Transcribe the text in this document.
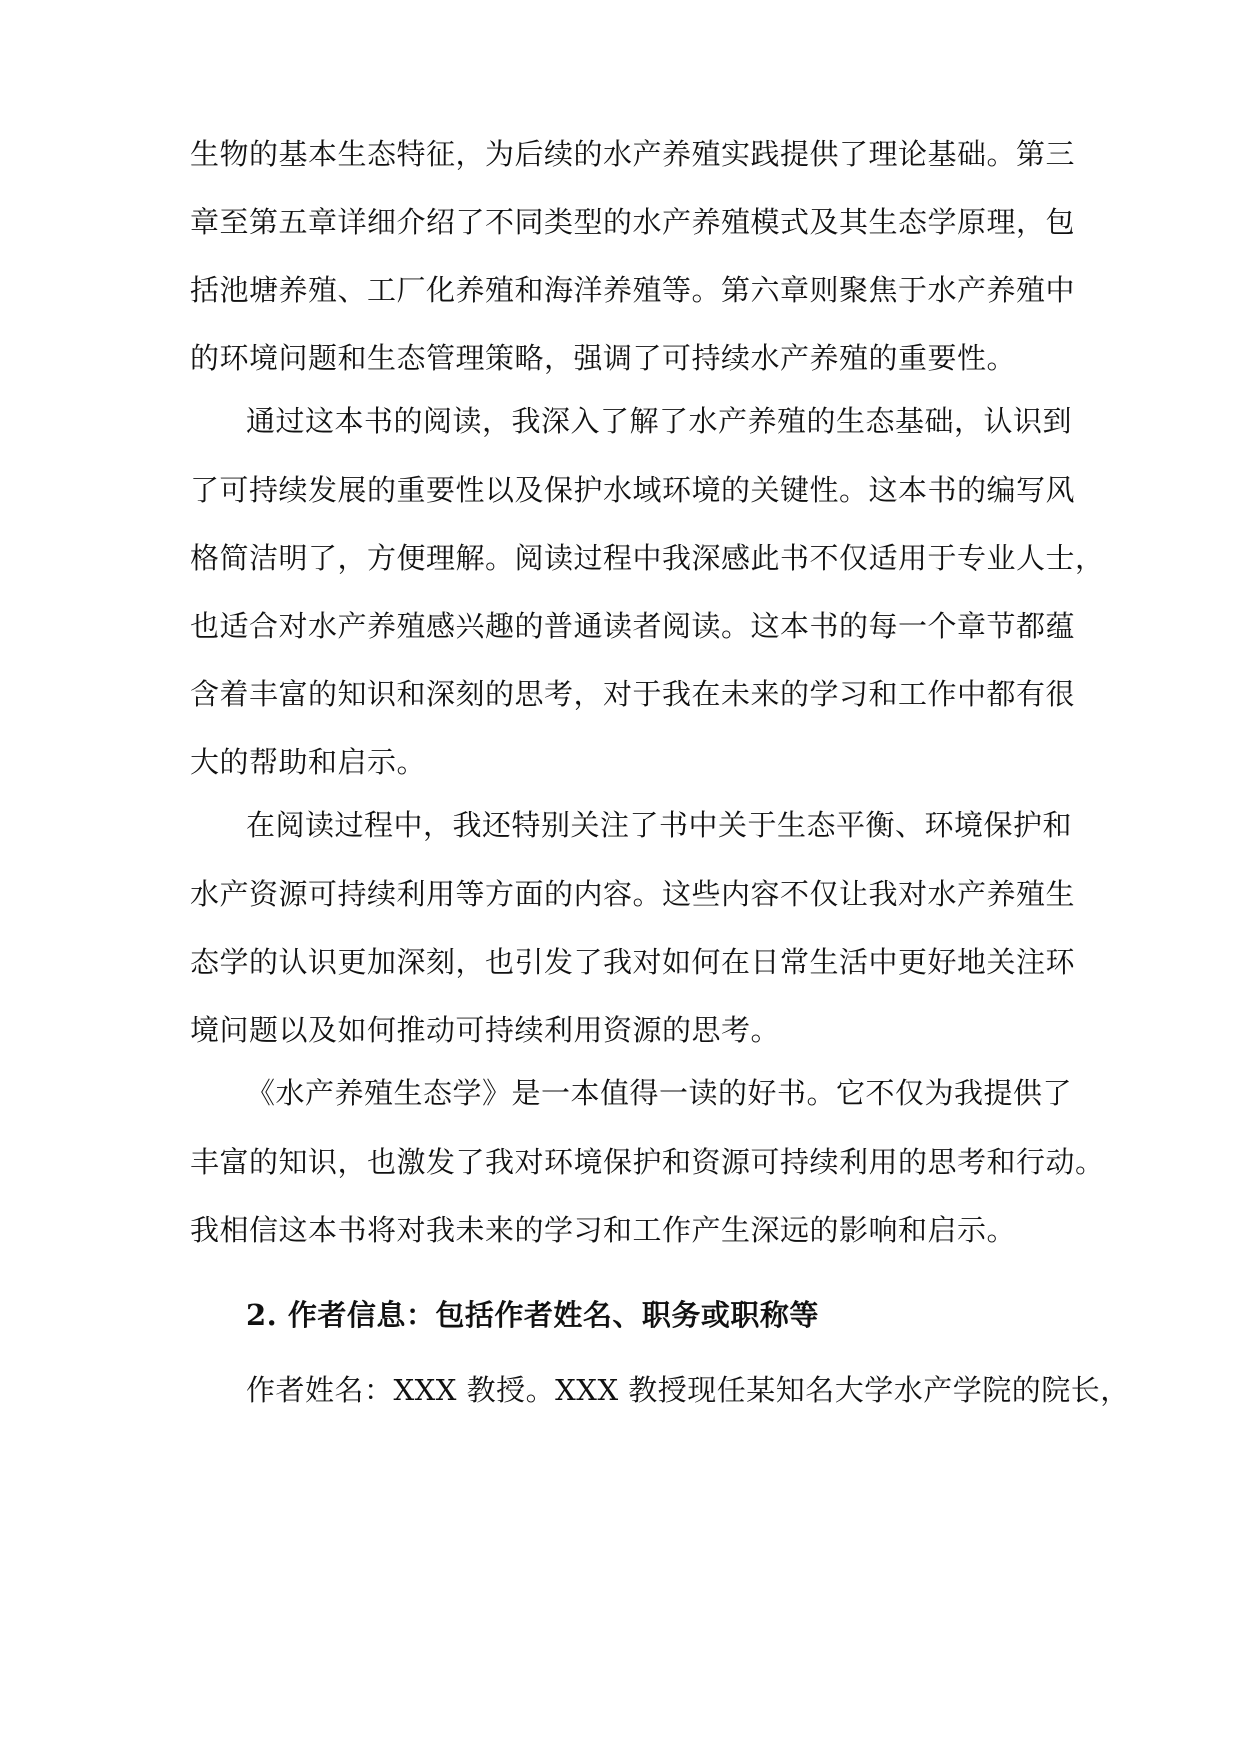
生物的基本生态特征，为后续的水产养殖实践提供了理论基础。第三
章至第五章详细介绍了不同类型的水产养殖模式及其生态学原理，包
括池塘养殖、工厂化养殖和海洋养殖等。第六章则聚焦于水产养殖中
的环境问题和生态管理策略，强调了可持续水产养殖的重要性。
通过这本书的阅读，我深入了解了水产养殖的生态基础，认识到
了可持续发展的重要性以及保护水域环境的关键性。这本书的编写风
格简洁明了，方便理解。阅读过程中我深感此书不仅适用于专业人士，
也适合对水产养殖感兴趣的普通读者阅读。这本书的每一个章节都蕴
含着丰富的知识和深刻的思考，对于我在未来的学习和工作中都有很
大的帮助和启示。
在阅读过程中，我还特别关注了书中关于生态平衡、环境保护和
水产资源可持续利用等方面的内容。这些内容不仅让我对水产养殖生
态学的认识更加深刻，也引发了我对如何在日常生活中更好地关注环
境问题以及如何推动可持续利用资源的思考。
《水产养殖生态学》是一本值得一读的好书。它不仅为我提供了
丰富的知识，也激发了我对环境保护和资源可持续利用的思考和行动。
我相信这本书将对我未来的学习和工作产生深远的影响和启示。
2. 作者信息：包括作者姓名、职务或职称等
作者姓名：XXX 教授。XXX 教授现任某知名大学水产学院的院长，
